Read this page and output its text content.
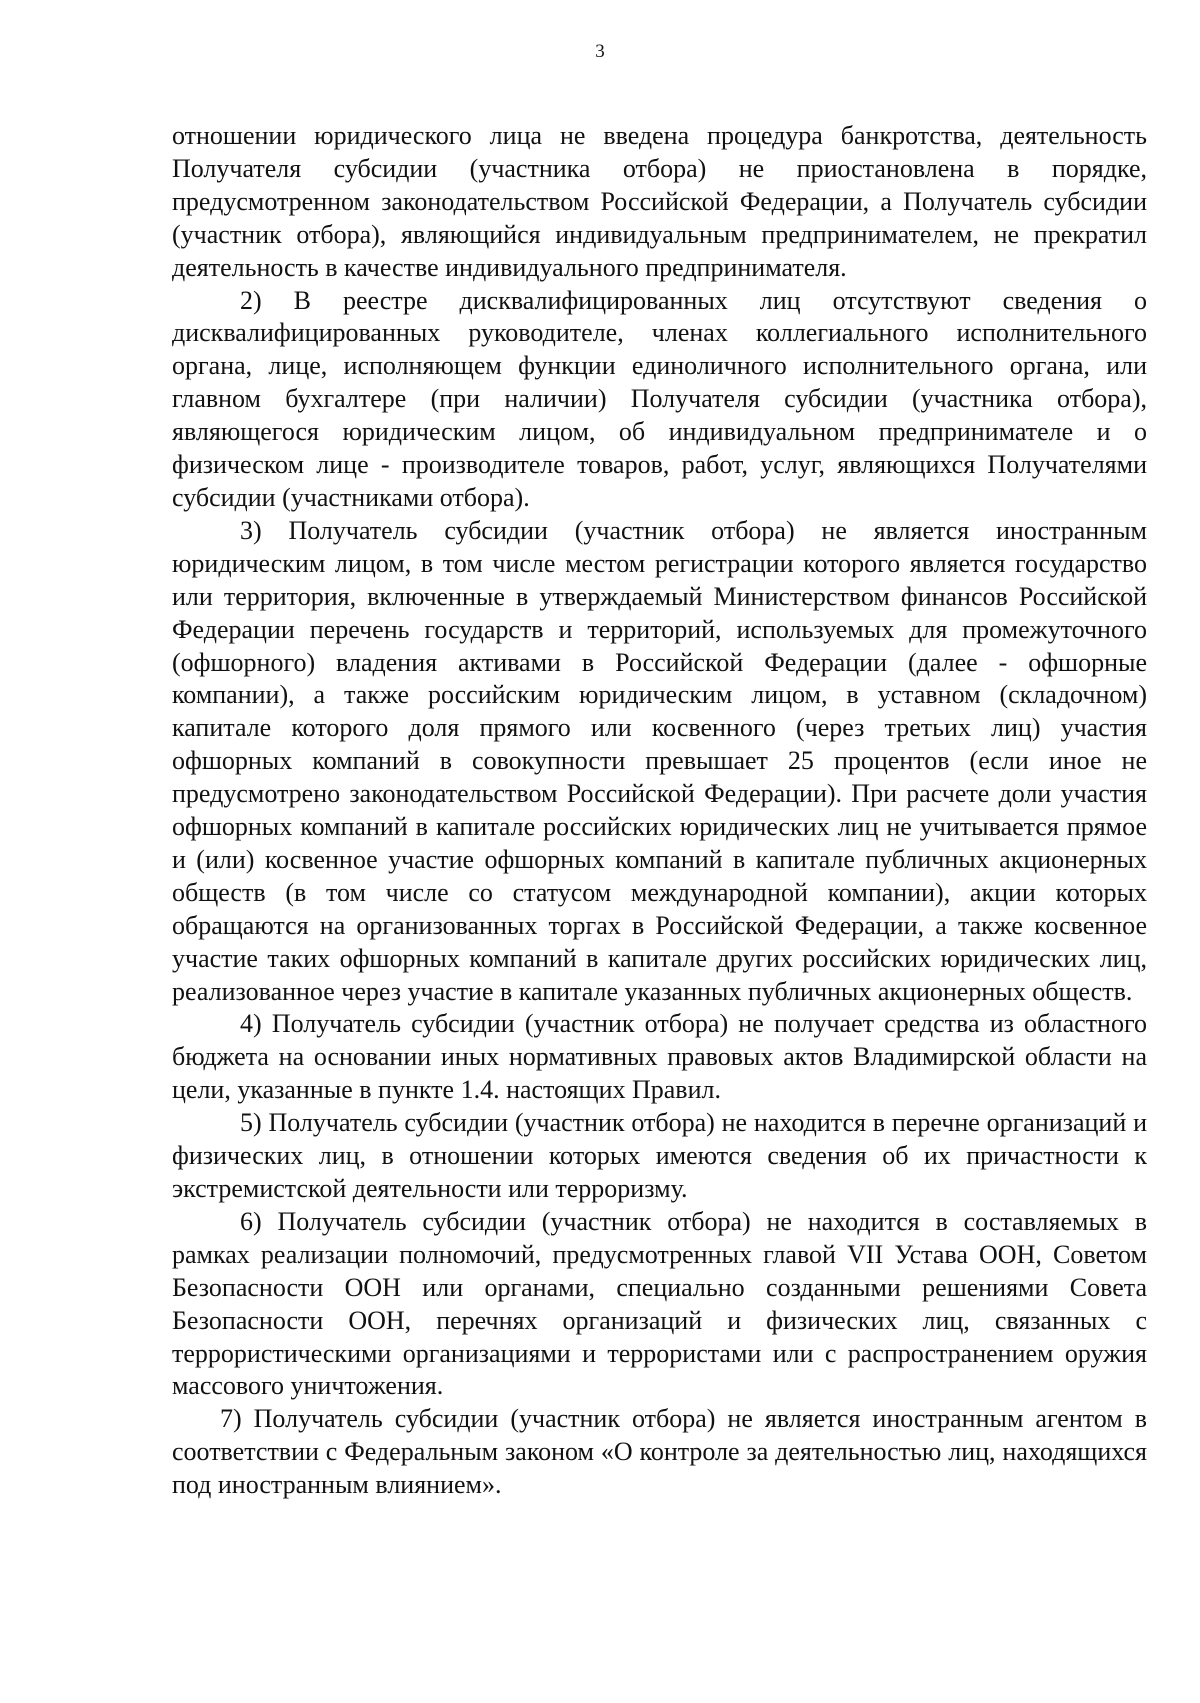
3

отношении юридического лица не введена процедура банкротства, деятельность Получателя субсидии (участника отбора) не приостановлена в порядке, предусмотренном законодательством Российской Федерации, а Получатель субсидии (участник отбора), являющийся индивидуальным предпринимателем, не прекратил деятельность в качестве индивидуального предпринимателя.

2) В реестре дисквалифицированных лиц отсутствуют сведения о дисквалифицированных руководителе, членах коллегиального исполнительного органа, лице, исполняющем функции единоличного исполнительного органа, или главном бухгалтере (при наличии) Получателя субсидии (участника отбора), являющегося юридическим лицом, об индивидуальном предпринимателе и о физическом лице - производителе товаров, работ, услуг, являющихся Получателями субсидии (участниками отбора).

3) Получатель субсидии (участник отбора) не является иностранным юридическим лицом, в том числе местом регистрации которого является государство или территория, включенные в утверждаемый Министерством финансов Российской Федерации перечень государств и территорий, используемых для промежуточного (офшорного) владения активами в Российской Федерации (далее - офшорные компании), а также российским юридическим лицом, в уставном (складочном) капитале которого доля прямого или косвенного (через третьих лиц) участия офшорных компаний в совокупности превышает 25 процентов (если иное не предусмотрено законодательством Российской Федерации). При расчете доли участия офшорных компаний в капитале российских юридических лиц не учитывается прямое и (или) косвенное участие офшорных компаний в капитале публичных акционерных обществ (в том числе со статусом международной компании), акции которых обращаются на организованных торгах в Российской Федерации, а также косвенное участие таких офшорных компаний в капитале других российских юридических лиц, реализованное через участие в капитале указанных публичных акционерных обществ.

4) Получатель субсидии (участник отбора) не получает средства из областного бюджета на основании иных нормативных правовых актов Владимирской области на цели, указанные в пункте 1.4. настоящих Правил.

5) Получатель субсидии (участник отбора) не находится в перечне организаций и физических лиц, в отношении которых имеются сведения об их причастности к экстремистской деятельности или терроризму.

6) Получатель субсидии (участник отбора) не находится в составляемых в рамках реализации полномочий, предусмотренных главой VII Устава ООН, Советом Безопасности ООН или органами, специально созданными решениями Совета Безопасности ООН, перечнях организаций и физических лиц, связанных с террористическими организациями и террористами или с распространением оружия массового уничтожения.

7) Получатель субсидии (участник отбора) не является иностранным агентом в соответствии с Федеральным законом «О контроле за деятельностью лиц, находящихся под иностранным влиянием».
